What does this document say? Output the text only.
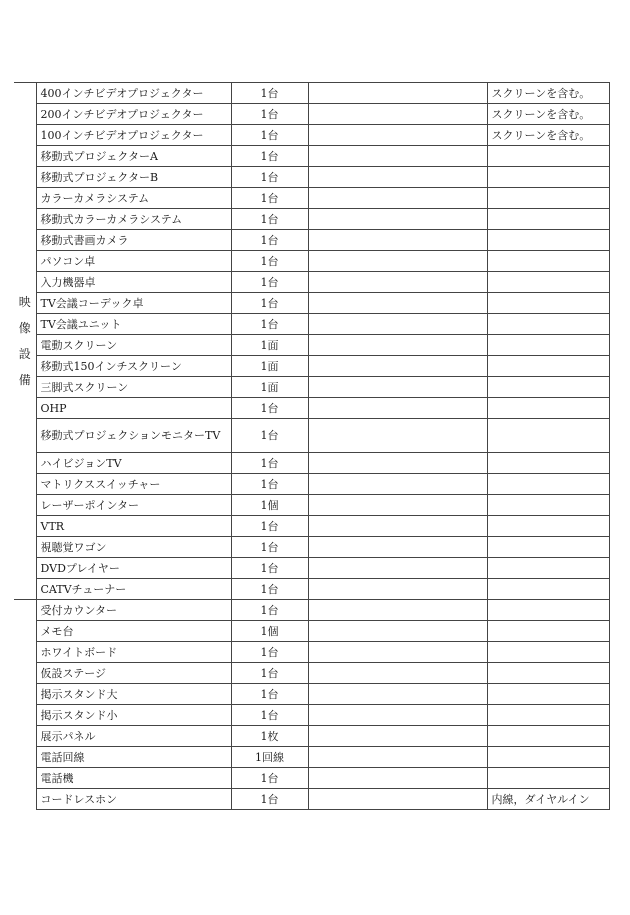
映
像
設
備	400インチビデオプロジェクター	1台		スクリーンを含む。
	200インチビデオプロジェクター	1台		スクリーンを含む。
	100インチビデオプロジェクター	1台		スクリーンを含む。
	移動式プロジェクターA	1台		
	移動式プロジェクターB	1台		
	カラーカメラシステム	1台		
	移動式カラーカメラシステム	1台		
	移動式書画カメラ	1台		
	パソコン卓	1台		
	入力機器卓	1台		
	TV会議コーデック卓	1台		
	TV会議ユニット	1台		
	電動スクリーン	1面		
	移動式150インチスクリーン	1面		
	三脚式スクリーン	1面		
	OHP	1台		
	移動式プロジェクションモニターTV	1台		
	ハイビジョンTV	1台		
	マトリクススイッチャー	1台		
	レーザーポインター	1個		
	VTR	1台		
	視聴覚ワゴン	1台		
	DVDプレイヤー	1台		
	CATVチューナー	1台		
	受付カウンター	1台		
	メモ台	1個		
	ホワイトボード	1台		
	仮設ステージ	1台		
	掲示スタンド大	1台		
	掲示スタンド小	1台		
	展示パネル	1枚		
	電話回線	1回線		
	電話機	1台		
	コードレスホン	1台		内線，ダイヤルイン
